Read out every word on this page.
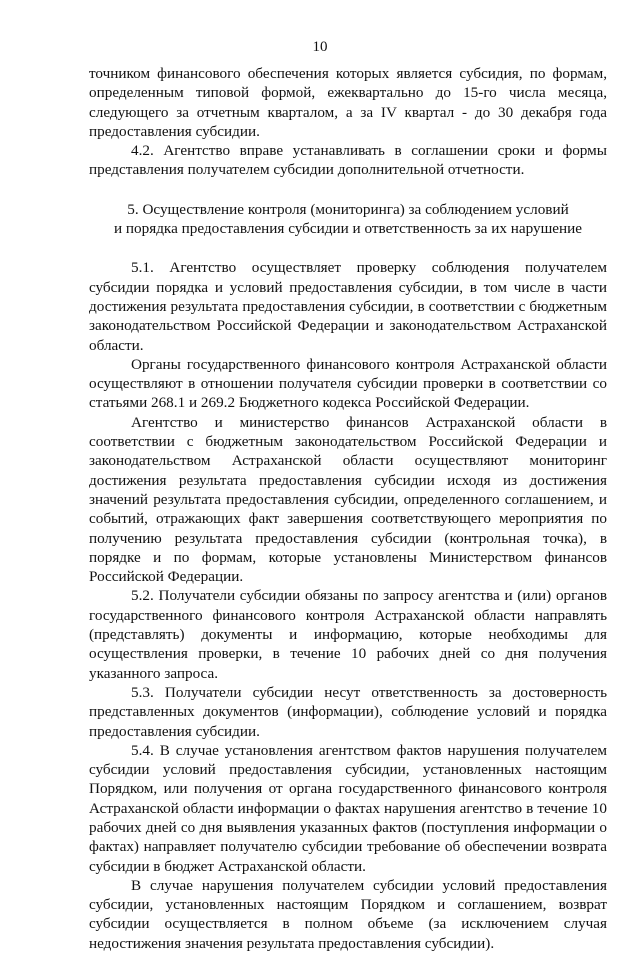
10

точником финансового обеспечения которых является субсидия, по формам, определенным типовой формой, ежеквартально до 15-го числа месяца, следующего за отчетным кварталом, а за IV квартал - до 30 декабря года предоставления субсидии.

4.2. Агентство вправе устанавливать в соглашении сроки и формы представления получателем субсидии дополнительной отчетности.

5. Осуществление контроля (мониторинга) за соблюдением условий
и порядка предоставления субсидии и ответственность за их нарушение

5.1. Агентство осуществляет проверку соблюдения получателем субсидии порядка и условий предоставления субсидии, в том числе в части достижения результата предоставления субсидии, в соответствии с бюджетным законодательством Российской Федерации и законодательством Астраханской области.

Органы государственного финансового контроля Астраханской области осуществляют в отношении получателя субсидии проверки в соответствии со статьями 268.1 и 269.2 Бюджетного кодекса Российской Федерации.

Агентство и министерство финансов Астраханской области в соответствии с бюджетным законодательством Российской Федерации и законодательством Астраханской области осуществляют мониторинг достижения результата предоставления субсидии исходя из достижения значений результата предоставления субсидии, определенного соглашением, и событий, отражающих факт завершения соответствующего мероприятия по получению результата предоставления субсидии (контрольная точка), в порядке и по формам, которые установлены Министерством финансов Российской Федерации.

5.2. Получатели субсидии обязаны по запросу агентства и (или) органов государственного финансового контроля Астраханской области направлять (представлять) документы и информацию, которые необходимы для осуществления проверки, в течение 10 рабочих дней со дня получения указанного запроса.

5.3. Получатели субсидии несут ответственность за достоверность представленных документов (информации), соблюдение условий и порядка предоставления субсидии.

5.4. В случае установления агентством фактов нарушения получателем субсидии условий предоставления субсидии, установленных настоящим Порядком, или получения от органа государственного финансового контроля Астраханской области информации о фактах нарушения агентство в течение 10 рабочих дней со дня выявления указанных фактов (поступления информации о фактах) направляет получателю субсидии требование об обеспечении возврата субсидии в бюджет Астраханской области.

В случае нарушения получателем субсидии условий предоставления субсидии, установленных настоящим Порядком и соглашением, возврат субсидии осуществляется в полном объеме (за исключением случая недостижения значения результата предоставления субсидии).
